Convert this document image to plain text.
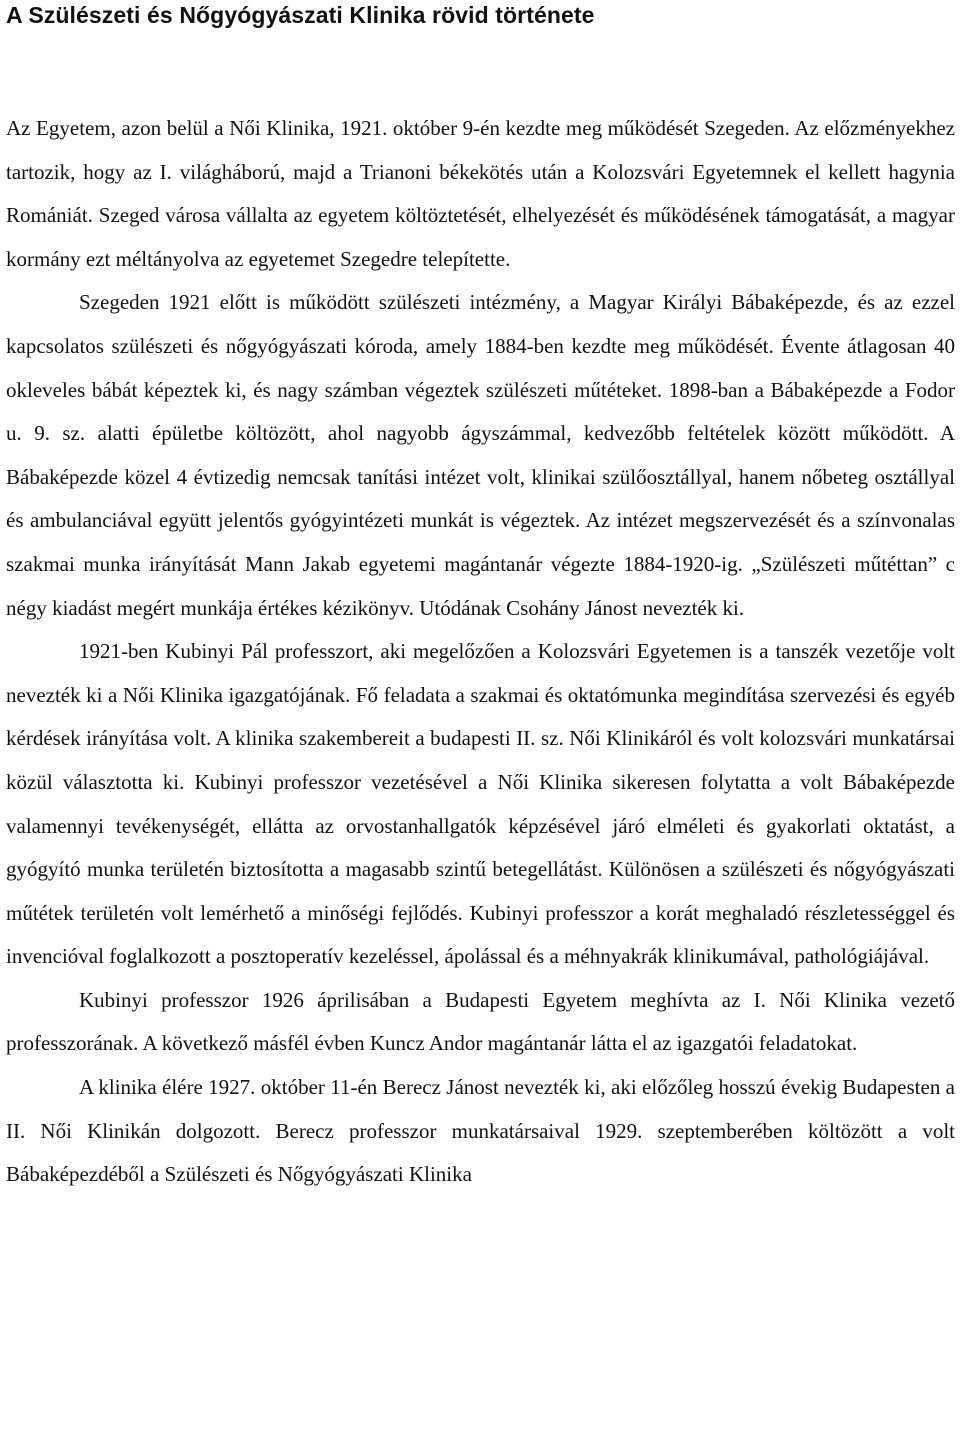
A Szülészeti és Nőgyógyászati Klinika rövid története

Az Egyetem, azon belül a Női Klinika, 1921. október 9-én kezdte meg működését Szegeden. Az előzményekhez tartozik, hogy az I. világháború, majd a Trianoni békekötés után a Kolozsvári Egyetemnek el kellett hagynia Romániát. Szeged városa vállalta az egyetem költöztetését, elhelyezését és működésének támogatását, a magyar kormány ezt méltányolva az egyetemet Szegedre telepítette.

Szegeden 1921 előtt is működött szülészeti intézmény, a Magyar Királyi Bábaképezde, és az ezzel kapcsolatos szülészeti és nőgyógyászati kóroda, amely 1884-ben kezdte meg működését. Évente átlagosan 40 okleveles bábát képeztek ki, és nagy számban végeztek szülészeti műtéteket. 1898-ban a Bábaképezde a Fodor u. 9. sz. alatti épületbe költözött, ahol nagyobb ágyszámmal, kedvezőbb feltételek között működött. A Bábaképezde közel 4 évtizedig nemcsak tanítási intézet volt, klinikai szülőosztállyal, hanem nőbeteg osztállyal és ambulanciával együtt jelentős gyógyintézeti munkát is végeztek. Az intézet megszervezését és a színvonalas szakmai munka irányítását Mann Jakab egyetemi magántanár végezte 1884-1920-ig. „Szülészeti műtéttan” c négy kiadást megért munkája értékes kézikönyv. Utódának Csohány Jánost nevezték ki.

1921-ben Kubinyi Pál professzort, aki megelőzően a Kolozsvári Egyetemen is a tanszék vezetője volt nevezték ki a Női Klinika igazgatójának. Fő feladata a szakmai és oktatómunka megindítása szervezési és egyéb kérdések irányítása volt. A klinika szakembereit a budapesti II. sz. Női Klinikáról és volt kolozsvári munkatársai közül választotta ki. Kubinyi professzor vezetésével a Női Klinika sikeresen folytatta a volt Bábaképezde valamennyi tevékenységét, ellátta az orvostanhallgatók képzésével járó elméleti és gyakorlati oktatást, a gyógyító munka területén biztosította a magasabb szintű betegellátást. Különösen a szülészeti és nőgyógyászati műtétek területén volt lemérhető a minőségi fejlődés. Kubinyi professzor a korát meghaladó részletességgel és invencióval foglalkozott a posztoperatív kezeléssel, ápolással és a méhnyakrák klinikumával, pathológiájával.

Kubinyi professzor 1926 áprilisában a Budapesti Egyetem meghívta az I. Női Klinika vezető professzorának. A következő másfél évben Kuncz Andor magántanár látta el az igazgatói feladatokat.

A klinika élére 1927. október 11-én Berecz Jánost nevezték ki, aki előzőleg hosszú évekig Budapesten a II. Női Klinikán dolgozott. Berecz professzor munkatársaival 1929. szeptemberében költözött a volt Bábaképezdéből a Szülészeti és Nőgyógyászati Klinika
